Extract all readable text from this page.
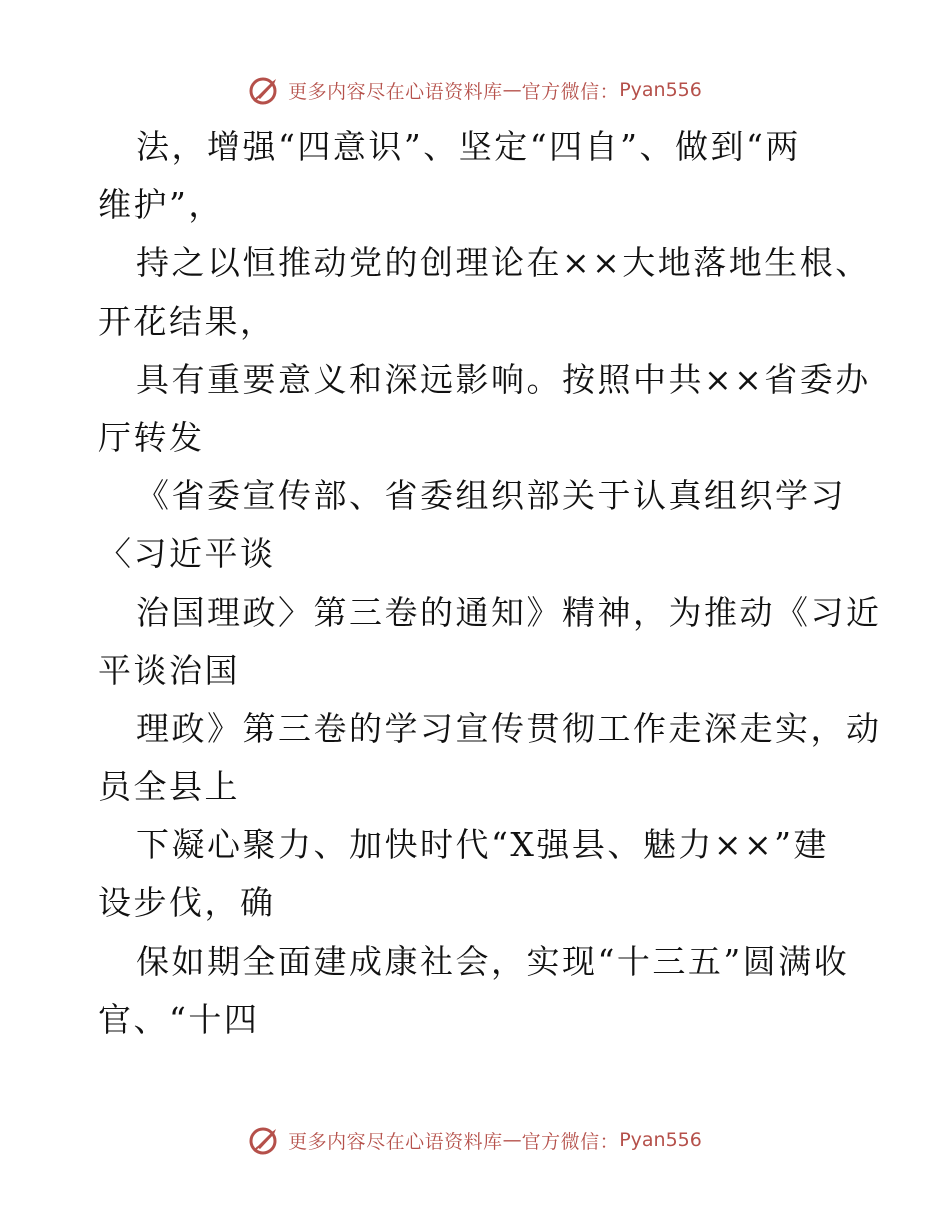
更多内容尽在心语资料库 — 官方微信： Pyan556
法，增强“四意识”、坚定“四自”、做到“两
维护”，
持之以恒推动党的创理论在××大地落地生根、
开花结果，
具有重要意义和深远影响。按照中共××省委办
厅转发
《省委宣传部、省委组织部关于认真组织学习
〈习近平谈
治国理政〉第三卷的通知》精神，为推动《习近
平谈治国
理政》第三卷的学习宣传贯彻工作走深走实，动
员全县上
下凝心聚力、加快时代“X强县、魅力××”建
设步伐，确
保如期全面建成康社会，实现“十三五”圆满收
官、“十四
更多内容尽在心语资料库 — 官方微信： Pyan556
